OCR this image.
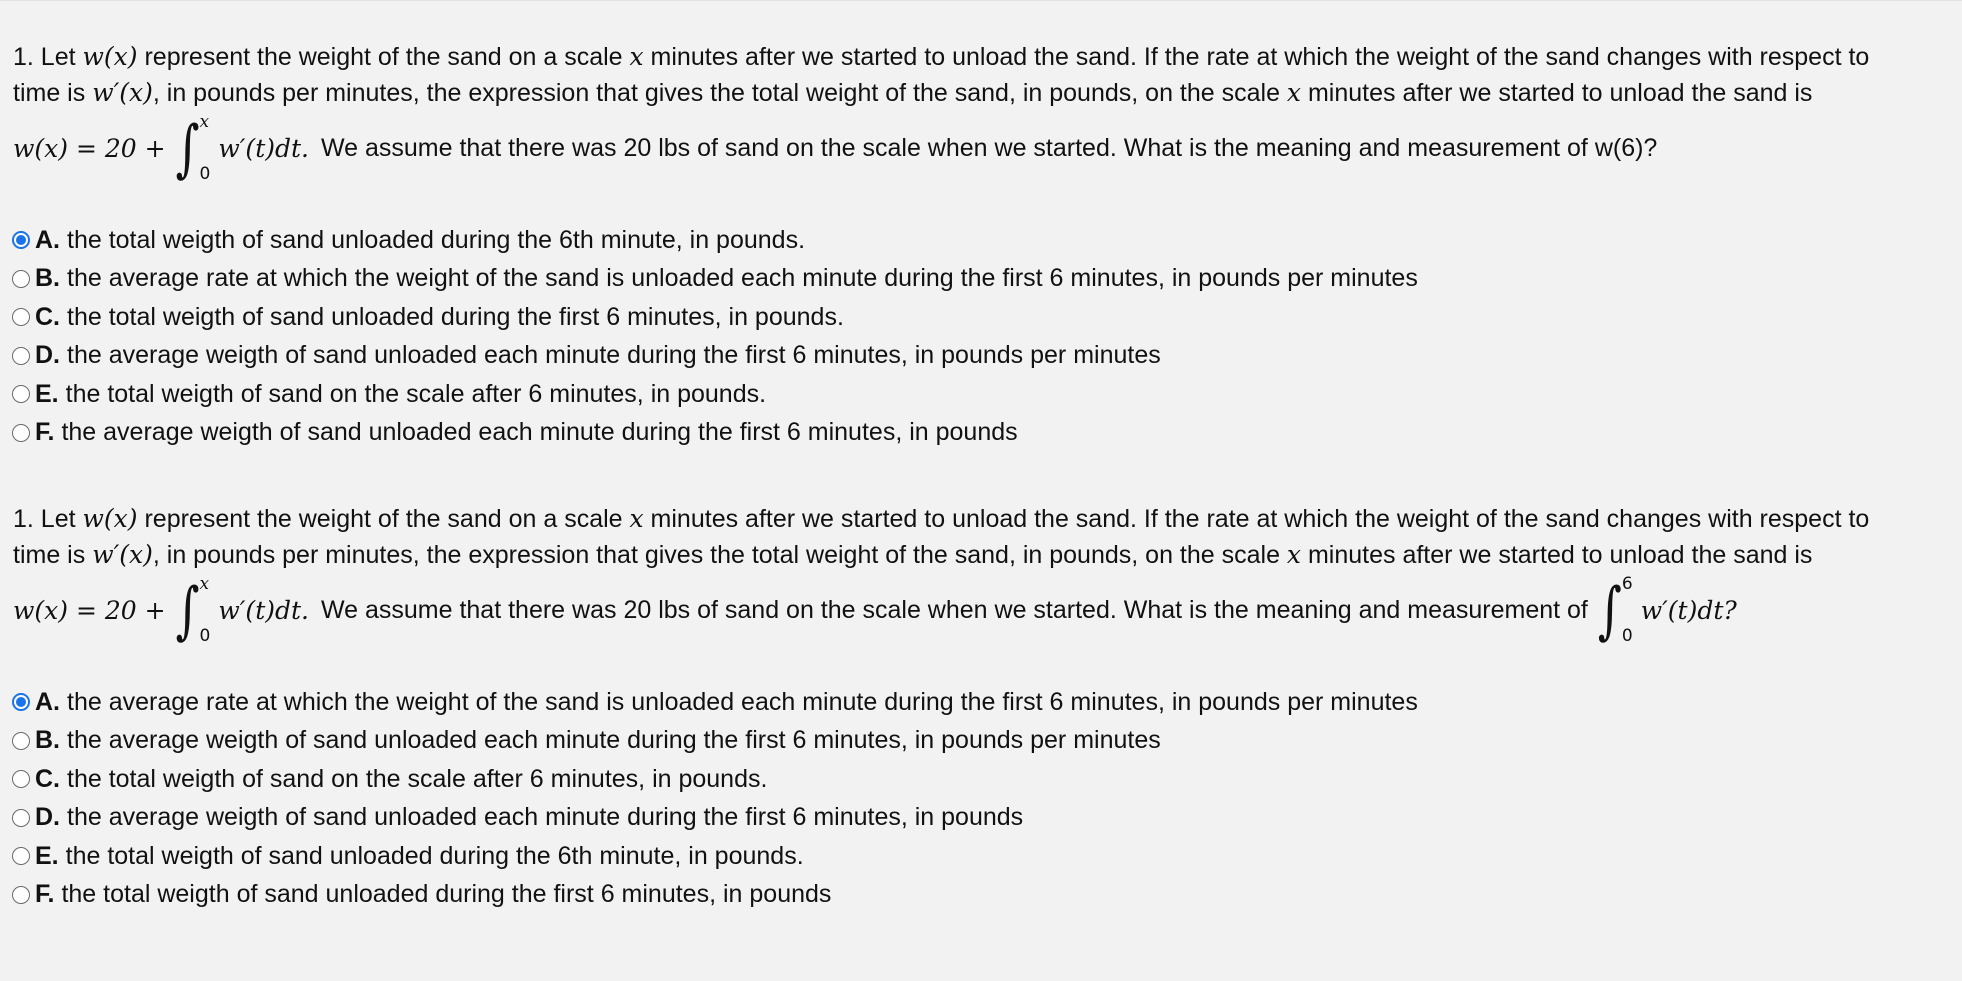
1. Let w(x) represent the weight of the sand on a scale x minutes after we started to unload the sand. If the rate at which the weight of the sand changes with respect to
time is w′(x), in pounds per minutes, the expression that gives the total weight of the sand, in pounds, on the scale x minutes after we started to unload the sand is

w(x) = 20 + ∫ x
0
w′(t)dt. We assume that there was 20 lbs of sand on the scale when we started. What is the meaning and measurement of w(6)?
A. the total weigth of sand unloaded during the 6th minute, in pounds.
B. the average rate at which the weight of the sand is unloaded each minute during the first 6 minutes, in pounds per minutes
C. the total weigth of sand unloaded during the first 6 minutes, in pounds.
D. the average weigth of sand unloaded each minute during the first 6 minutes, in pounds per minutes
E. the total weigth of sand on the scale after 6 minutes, in pounds.
F. the average weigth of sand unloaded each minute during the first 6 minutes, in pounds

1. Let w(x) represent the weight of the sand on a scale x minutes after we started to unload the sand. If the rate at which the weight of the sand changes with respect to
time is w′(x), in pounds per minutes, the expression that gives the total weight of the sand, in pounds, on the scale x minutes after we started to unload the sand is

w(x) = 20 + ∫ x
0
w′(t)dt. We assume that there was 20 lbs of sand on the scale when we started. What is the meaning and measurement of ∫ 6
0
w′(t)dt?
A. the average rate at which the weight of the sand is unloaded each minute during the first 6 minutes, in pounds per minutes
B. the average weigth of sand unloaded each minute during the first 6 minutes, in pounds per minutes
C. the total weigth of sand on the scale after 6 minutes, in pounds.
D. the average weigth of sand unloaded each minute during the first 6 minutes, in pounds
E. the total weigth of sand unloaded during the 6th minute, in pounds.
F. the total weigth of sand unloaded during the first 6 minutes, in pounds
